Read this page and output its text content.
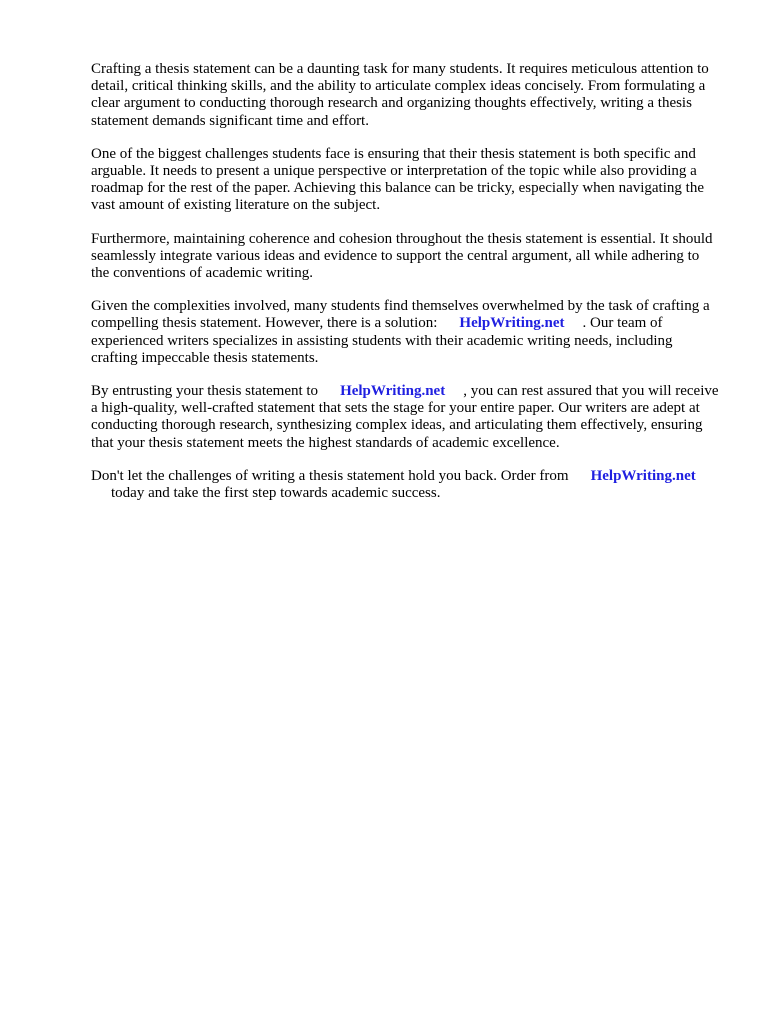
Crafting a thesis statement can be a daunting task for many students. It requires meticulous attention to detail, critical thinking skills, and the ability to articulate complex ideas concisely. From formulating a clear argument to conducting thorough research and organizing thoughts effectively, writing a thesis statement demands significant time and effort.

One of the biggest challenges students face is ensuring that their thesis statement is both specific and arguable. It needs to present a unique perspective or interpretation of the topic while also providing a roadmap for the rest of the paper. Achieving this balance can be tricky, especially when navigating the vast amount of existing literature on the subject.

Furthermore, maintaining coherence and cohesion throughout the thesis statement is essential. It should seamlessly integrate various ideas and evidence to support the central argument, all while adhering to the conventions of academic writing.

Given the complexities involved, many students find themselves overwhelmed by the task of crafting a compelling thesis statement. However, there is a solution: HelpWriting.net . Our team of experienced writers specializes in assisting students with their academic writing needs, including crafting impeccable thesis statements.

By entrusting your thesis statement to HelpWriting.net , you can rest assured that you will receive a high-quality, well-crafted statement that sets the stage for your entire paper. Our writers are adept at conducting thorough research, synthesizing complex ideas, and articulating them effectively, ensuring that your thesis statement meets the highest standards of academic excellence.

Don't let the challenges of writing a thesis statement hold you back. Order from HelpWriting.net
today and take the first step towards academic success.
